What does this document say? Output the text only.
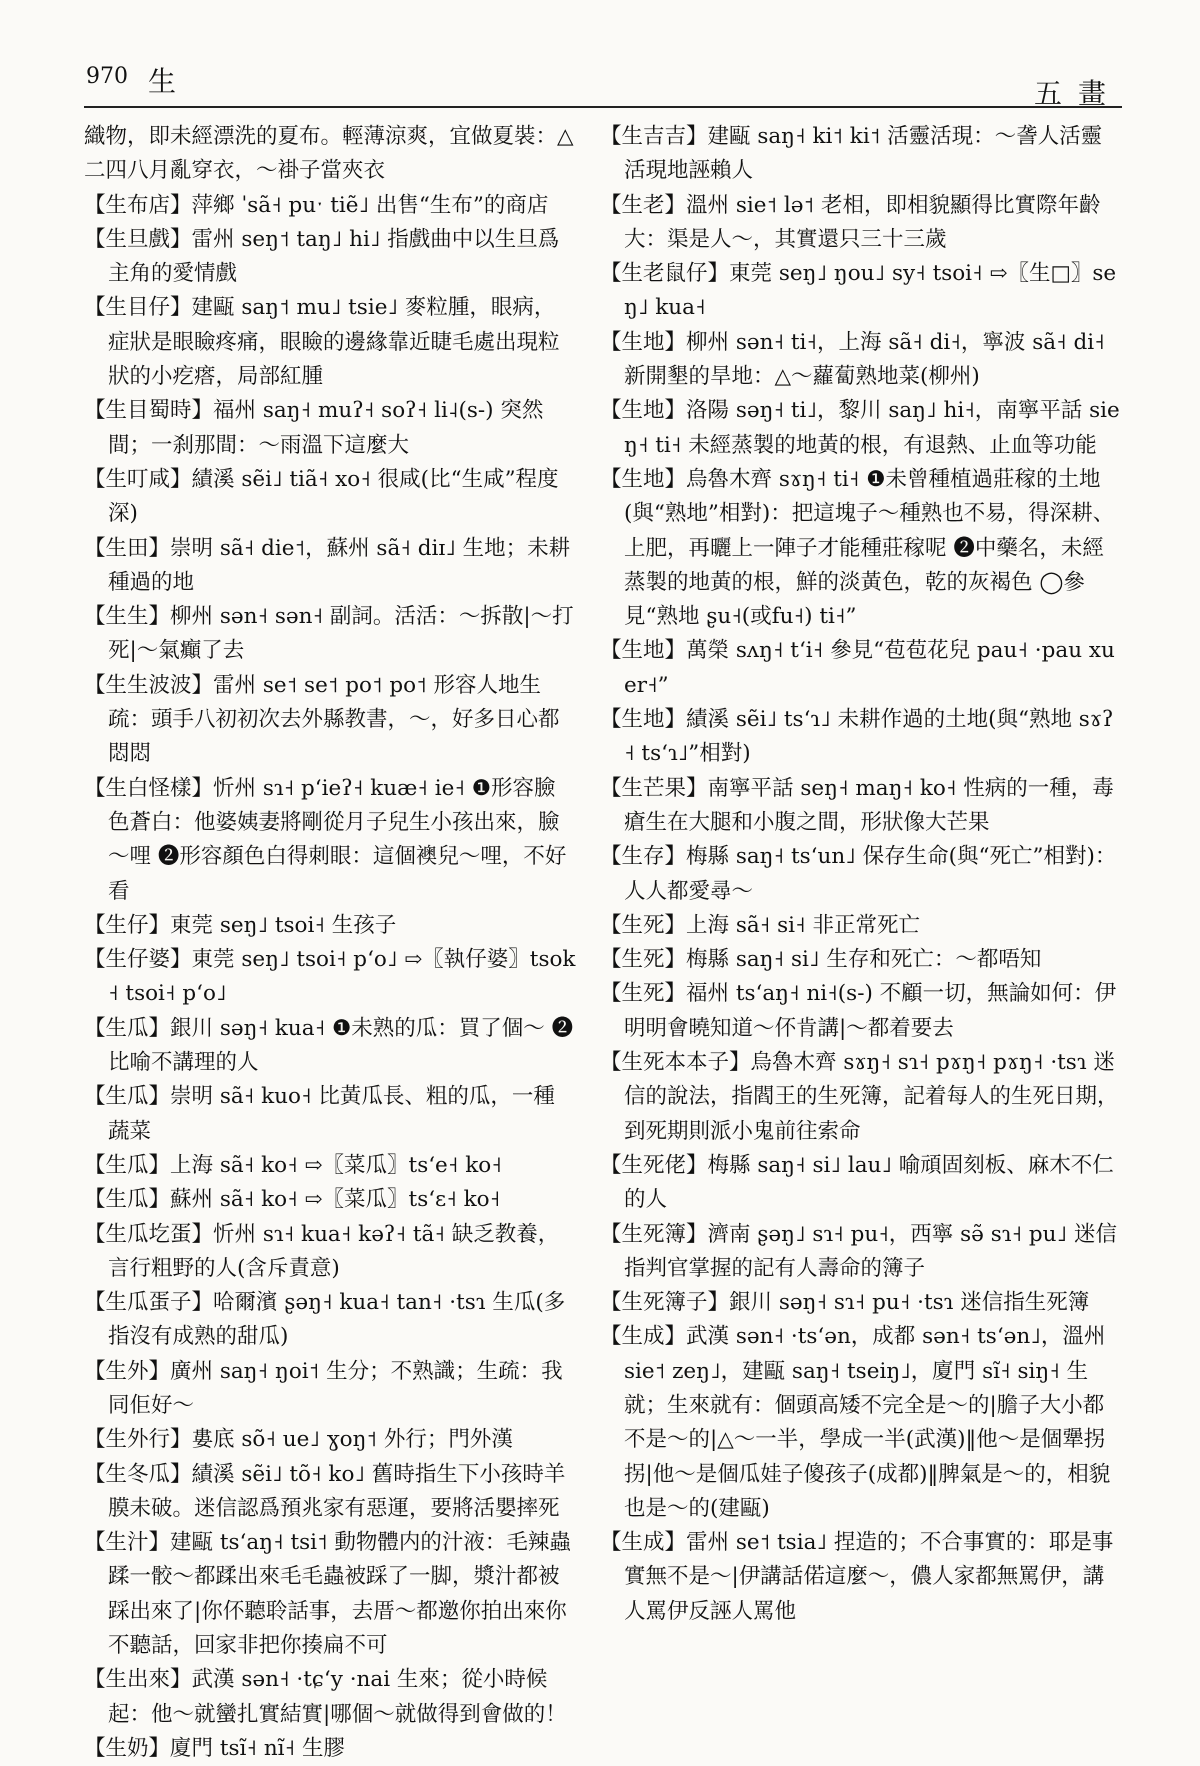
970 生	五畫

織物，即未經漂洗的夏布。輕薄涼爽，宜做夏裝：△二四八月亂穿衣，～褂子當夾衣

【生布店】萍鄉 ˈsã˧ puˑ tiẽ˩ 出售“生布”的商店

【生旦戲】雷州 seŋ˦ taŋ˩ hi˩ 指戲曲中以生旦爲主角的愛情戲

【生目仔】建甌 saŋ˦ mu˩ tsie˩ 麥粒腫，眼病，症狀是眼瞼疼痛，眼瞼的邊緣靠近睫毛處出現粒狀的小疙瘩，局部紅腫

【生目蜀時】福州 saŋ˧ muʔ˧ soʔ˧ li˨(s-) 突然間；一刹那間：～雨溫下這麼大

【生叮咸】績溪 sẽi˩ tiã˧ xo˧ 很咸(比“生咸”程度深)

【生田】崇明 sã˧ die˦，蘇州 sã˧ diɪ˩ 生地；未耕種過的地

【生生】柳州 sən˧ sən˧ 副詞。活活：～拆散|～打死|～氣癲了去

【生生波波】雷州 se˦ se˦ po˦ po˦ 形容人地生疏：頭手八初初次去外縣教書，～，好多日心都悶悶

【生白怪樣】忻州 sɿ˧ pʻieʔ˧ kuæ˧ ie˧ ❶形容臉色蒼白：他婆姨妻將剛從月子兒生小孩出來，臉～哩 ❷形容顏色白得刺眼：這個襖兒～哩，不好看

【生仔】東莞 seŋ˩ tsoi˧ 生孩子

【生仔婆】東莞 seŋ˩ tsoi˧ pʻo˩ ⇨〖執仔婆〗tsok˧ tsoi˧ pʻo˩

【生瓜】銀川 səŋ˧ kua˧ ❶未熟的瓜：買了個～ ❷比喻不講理的人

【生瓜】崇明 sã˧ kuo˧ 比黃瓜長、粗的瓜，一種蔬菜

【生瓜】上海 sã˧ ko˧ ⇨〖菜瓜〗tsʻe˧ ko˧

【生瓜】蘇州 sã˧ ko˧ ⇨〖菜瓜〗tsʻɛ˧ ko˧

【生瓜圪蛋】忻州 sɿ˧ kua˧ kəʔ˧ tã˧ 缺乏教養，言行粗野的人(含斥責意)

【生瓜蛋子】哈爾濱 ʂəŋ˧ kua˧ tan˧ ·tsɿ 生瓜(多指沒有成熟的甜瓜)

【生外】廣州 saŋ˧ ŋoi˦ 生分；不熟識；生疏：我同佢好～

【生外行】婁底 sõ˧ ue˩ ɣoŋ˦ 外行；門外漢

【生冬瓜】績溪 sẽi˩ tõ˧ ko˩ 舊時指生下小孩時羊膜未破。迷信認爲預兆家有惡運，要將活嬰摔死

【生汁】建甌 tsʻaŋ˧ tsi˦ 動物體内的汁液：毛辣蟲蹂一骹～都蹂出來毛毛蟲被踩了一脚，漿汁都被踩出來了|你伓聽聆話事，去厝～都邀你拍出來你不聽話，回家非把你揍扁不可

【生出來】武漢 sən˧ ·tɕʻy ·nai 生來；從小時候起：他～就蠻扎實結實|哪個～就做得到會做的！

【生奶】廈門 tsĩ˧ nĩ˧ 生膠

【生吉吉】建甌 saŋ˧ ki˦ ki˦ 活靈活現：～詟人活靈活現地誣賴人

【生老】溫州 sie˦ lə˦ 老相，即相貌顯得比實際年齡大：渠是人～，其實還只三十三歲

【生老鼠仔】東莞 seŋ˩ ŋou˩ sy˧ tsoi˧ ⇨〖生□〗seŋ˩ kua˧

【生地】柳州 sən˧ ti˧，上海 sã˧ di˧，寧波 sã˧ di˧ 新開墾的旱地：△～蘿蔔熟地菜(柳州)

【生地】洛陽 səŋ˧ ti˩，黎川 saŋ˩ hi˧，南寧平話 sieŋ˧ ti˧ 未經蒸製的地黃的根，有退熱、止血等功能

【生地】烏魯木齊 sɤŋ˧ ti˧ ❶未曾種植過莊稼的土地(與“熟地”相對)：把這塊子～種熟也不易，得深耕、上肥，再曬上一陣子才能種莊稼呢 ❷中藥名，未經蒸製的地黃的根，鮮的淡黃色，乾的灰褐色 ◯參見“熟地 ʂu˧(或fu˧) ti˧”

【生地】萬榮 sʌŋ˧ tʻi˧ 參見“苞苞花兒 pau˧ ·pau xuer˧”

【生地】績溪 sẽi˩ tsʻɿ˩ 未耕作過的土地(與“熟地 sɤʔ˧ tsʻɿ˩”相對)

【生芒果】南寧平話 seŋ˧ maŋ˧ ko˧ 性病的一種，毒瘡生在大腿和小腹之間，形狀像大芒果

【生存】梅縣 saŋ˧ tsʻun˩ 保存生命(與“死亡”相對)：人人都愛尋～

【生死】上海 sã˧ si˧ 非正常死亡

【生死】梅縣 saŋ˧ si˩ 生存和死亡：～都唔知

【生死】福州 tsʻaŋ˧ ni˧(s-) 不顧一切，無論如何：伊明明會曉知道～伓肯講|～都着要去

【生死本本子】烏魯木齊 sɤŋ˧ sɿ˧ pɤŋ˧ pɤŋ˧ ·tsɿ 迷信的說法，指閻王的生死簿，記着每人的生死日期，到死期則派小鬼前往索命

【生死佬】梅縣 saŋ˧ si˩ lau˩ 喻頑固刻板、麻木不仁的人

【生死簿】濟南 ʂəŋ˩ sɿ˧ pu˧，西寧 sə̃ sɿ˧ pu˩ 迷信指判官掌握的記有人壽命的簿子

【生死簿子】銀川 səŋ˧ sɿ˧ pu˧ ·tsɿ 迷信指生死簿

【生成】武漢 sən˧ ·tsʻən，成都 sən˧ tsʻən˩，溫州 sie˦ zeŋ˩，建甌 saŋ˧ tseiŋ˩，廈門 sĩ˧ siŋ˧ 生就；生來就有：個頭高矮不完全是～的|膽子大小都不是～的|△～一半，學成一半(武漢)‖他～是個犟拐拐|他～是個瓜娃子傻孩子(成都)‖脾氣是～的，相貌也是～的(建甌)

【生成】雷州 se˦ tsia˩ 捏造的；不合事實的：耶是事實無不是～|伊講話偌這麼～，儂人家都無罵伊，講人罵伊反誣人罵他
